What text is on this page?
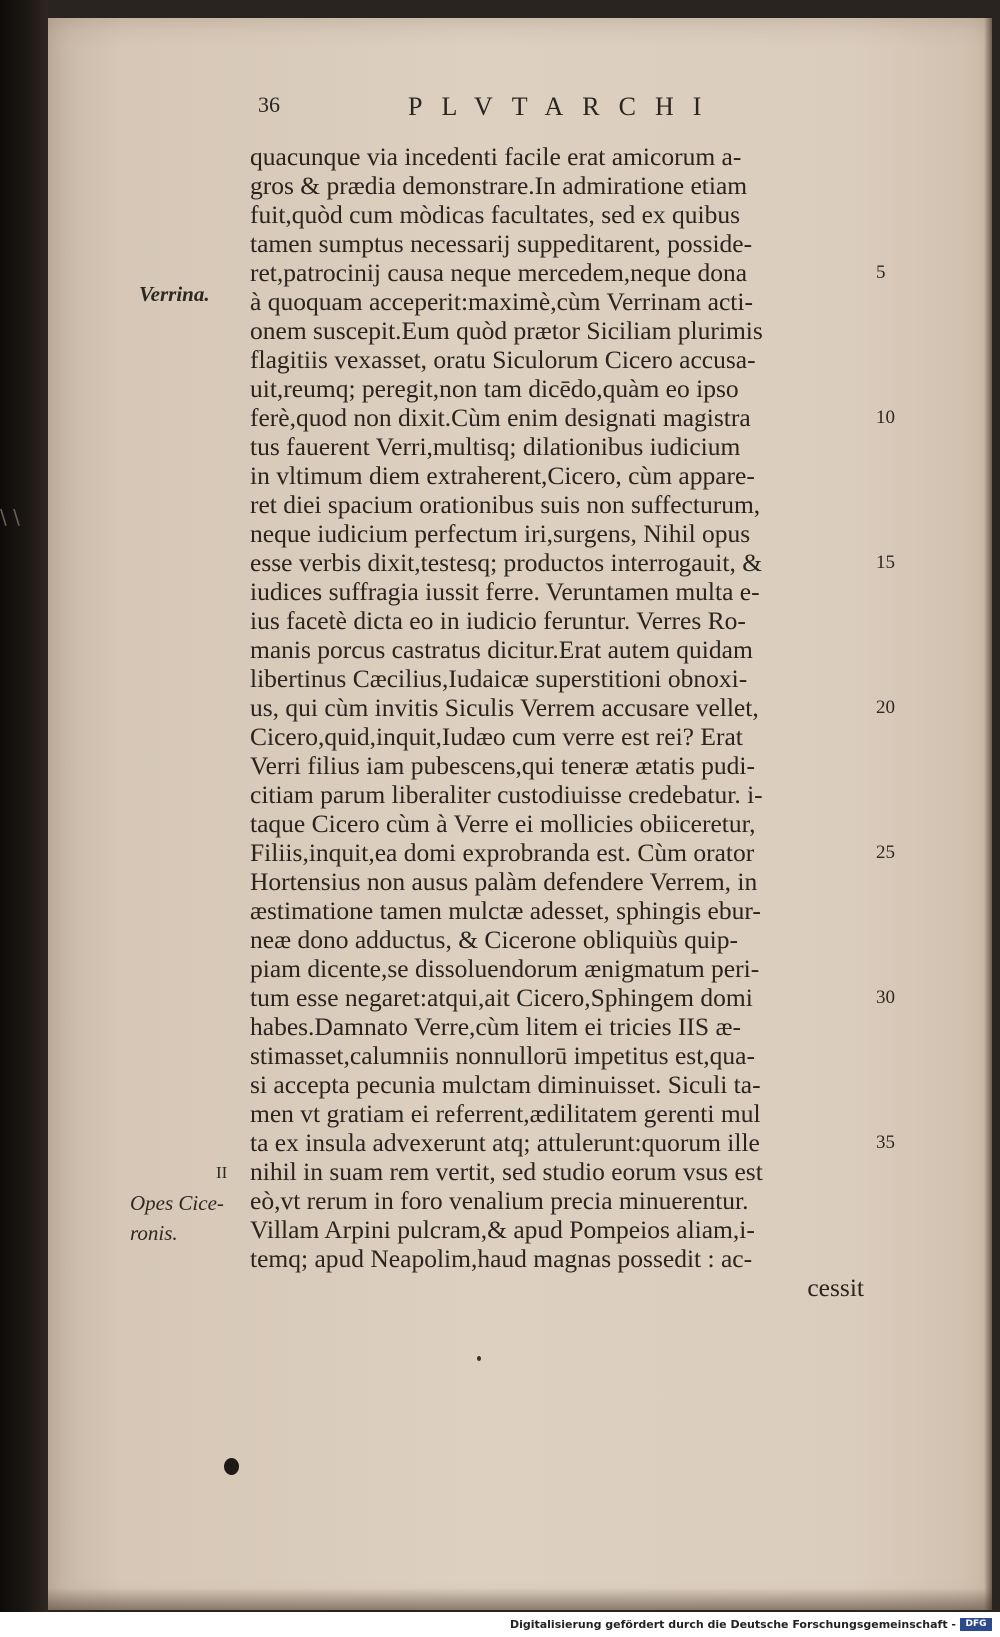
\ \
36	PLVTARCHI
quacunque via incedenti facile erat amicorum a-
gros & prædia demonstrare.In admiratione etiam
fuit,quòd cum mòdicas facultates, sed ex quibus
tamen sumptus necessarij suppeditarent, posside-
ret,patrocinij causa neque mercedem,neque dona
à quoquam acceperit:maximè,cùm Verrinam acti-
onem suscepit.Eum quòd prætor Siciliam plurimis
flagitiis vexasset, oratu Siculorum Cicero accusa-
uit,reumq; peregit,non tam dicēdo,quàm eo ipso
ferè,quod non dixit.Cùm enim designati magistra
tus fauerent Verri,multisq; dilationibus iudicium
in vltimum diem extraherent,Cicero, cùm appare-
ret diei spacium orationibus suis non suffecturum,
neque iudicium perfectum iri,surgens, Nihil opus
esse verbis dixit,testesq; productos interrogauit, &
iudices suffragia iussit ferre. Veruntamen multa e-
ius facetè dicta eo in iudicio feruntur. Verres Ro-
manis porcus castratus dicitur.Erat autem quidam
libertinus Cæcilius,Iudaicæ superstitioni obnoxi-
us, qui cùm invitis Siculis Verrem accusare vellet,
Cicero,quid,inquit,Iudæo cum verre est rei? Erat
Verri filius iam pubescens,qui teneræ ætatis pudi-
citiam parum liberaliter custodiuisse credebatur. i-
taque Cicero cùm à Verre ei mollicies obiiceretur,
Filiis,inquit,ea domi exprobranda est. Cùm orator
Hortensius non ausus palàm defendere Verrem, in
æstimatione tamen mulctæ adesset, sphingis ebur-
neæ dono adductus, & Cicerone obliquiùs quip-
piam dicente,se dissoluendorum ænigmatum peri-
tum esse negaret:atqui,ait Cicero,Sphingem domi
habes.Damnato Verre,cùm litem ei tricies IIS æ-
stimasset,calumniis nonnullorū impetitus est,qua-
si accepta pecunia mulctam diminuisset. Siculi ta-
men vt gratiam ei referrent,ædilitatem gerenti mul
ta ex insula advexerunt atq; attulerunt:quorum ille
nihil in suam rem vertit, sed studio eorum vsus est
eò,vt rerum in foro venalium precia minuerentur.
Villam Arpini pulcram,& apud Pompeios aliam,i-
temq; apud Neapolim,haud magnas possedit : ac-
cessit
5
10
15
20
25
30
35
Verrina.
II
Opes Cice-
ronis.
Digitalisierung gefördert durch die Deutsche Forschungsgemeinschaft -	DFG
